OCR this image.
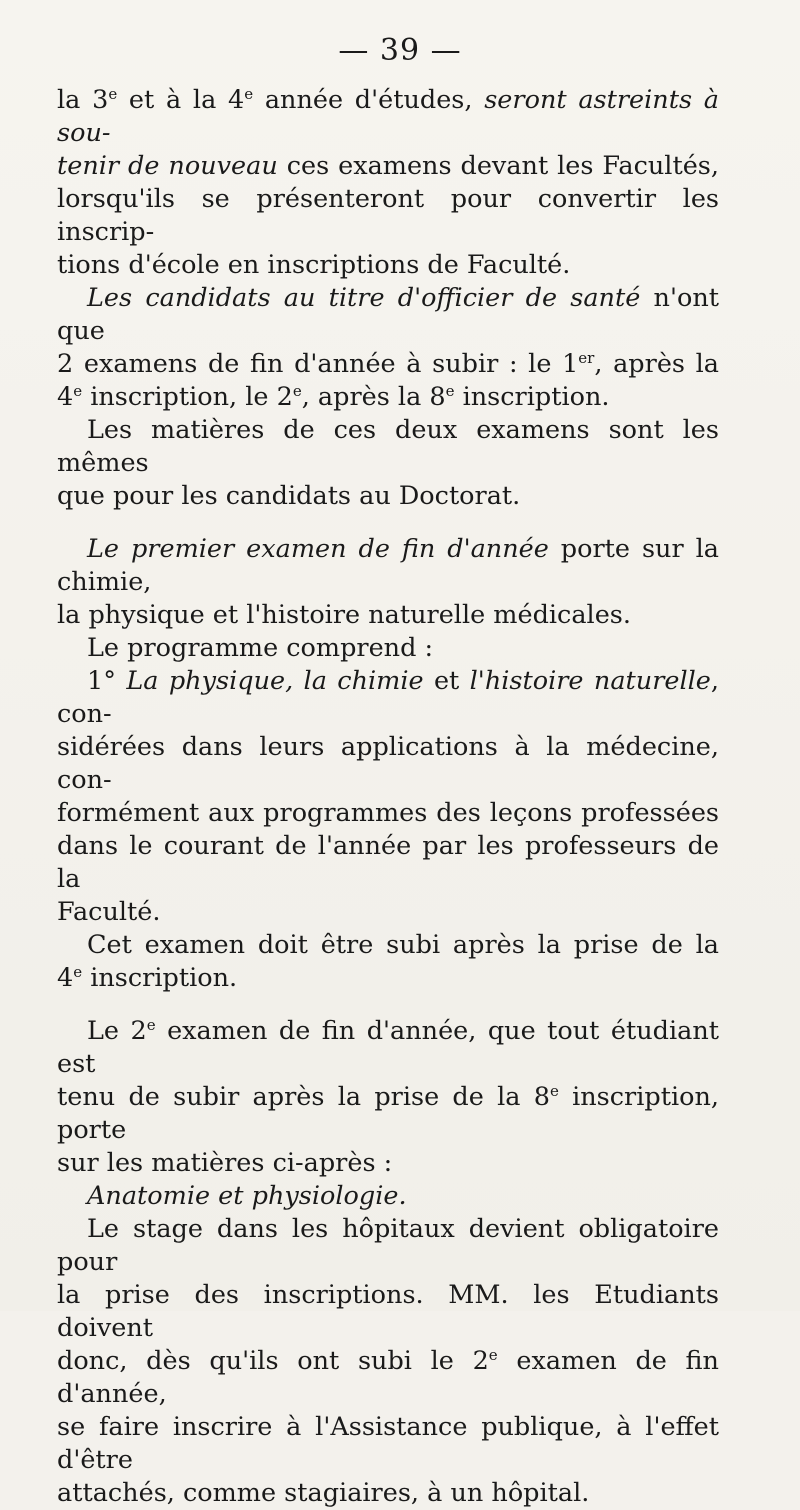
— 39 —

la 3e et à la 4e année d'études, seront astreints à sou-

tenir de nouveau ces examens devant les Facultés,

lorsqu'ils se présenteront pour convertir les inscrip-

tions d'école en inscriptions de Faculté.

Les candidats au titre d'officier de santé n'ont que

2 examens de fin d'année à subir : le 1er, après la

4e inscription, le 2e, après la 8e inscription.

Les matières de ces deux examens sont les mêmes

que pour les candidats au Doctorat.

Le premier examen de fin d'année porte sur la chimie,

la physique et l'histoire naturelle médicales.

Le programme comprend :

1° La physique, la chimie et l'histoire naturelle, con-

sidérées dans leurs applications à la médecine, con-

formément aux programmes des leçons professées

dans le courant de l'année par les professeurs de la

Faculté.

Cet examen doit être subi après la prise de la

4e inscription.

Le 2e examen de fin d'année, que tout étudiant est

tenu de subir après la prise de la 8e inscription, porte

sur les matières ci-après :

Anatomie et physiologie.

Le stage dans les hôpitaux devient obligatoire pour

la prise des inscriptions. MM. les Etudiants doivent

donc, dès qu'ils ont subi le 2e examen de fin d'année,

se faire inscrire à l'Assistance publique, à l'effet d'être

attachés, comme stagiaires, à un hôpital.
